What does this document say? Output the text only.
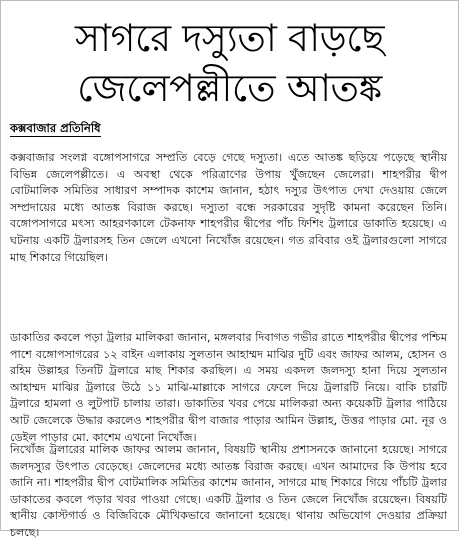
সাগরে দস্যুতা বাড়ছে
জেলেপল্লীতে আতঙ্ক
কক্সবাজার প্রতিনিধি

কক্সবাজার সংলগ্ন বঙ্গোপসাগরে সম্প্রতি বেড়ে গেছে দস্যুতা। এতে আতঙ্ক ছড়িয়ে পড়েছে স্থানীয় বিভিন্ন জেলেপল্লীতে। এ অবস্থা থেকে পরিত্রাণের উপায় খুঁজছেন জেলেরা। শাহপরীর দ্বীপ বোটমালিক সমিতির সাধারণ সম্পাদক কাশেম জানান, হঠাৎ দস্যুর উৎপাত দেখা দেওয়ায় জেলে সম্প্রদায়ের মধ্যে আতঙ্ক বিরাজ করছে। দস্যুতা বন্ধে সরকারের সুদৃষ্টি কামনা করেছেন তিনি। বঙ্গোপসাগরে মৎস্য আহরণকালে টেকনাফ শাহপরীর দ্বীপের পাঁচ ফিশিং ট্রলারে ডাকাতি হয়েছে। এ ঘটনায় একটি ট্রলারসহ তিন জেলে এখনো নিখোঁজ রয়েছেন। গত রবিবার ওই ট্রলারগুলো সাগরে মাছ শিকারে গিয়েছিল।

ডাকাতির কবলে পড়া ট্রলার মালিকরা জানান, মঙ্গলবার দিবাগত গভীর রাতে শাহপরীর দ্বীপের পশ্চিম পাশে বঙ্গোপসাগরের ১২ বাইন এলাকায় সুলতান আহাম্মদ মাঝির দুটি এবং জাফর আলম, হোসন ও রহিম উল্লাহর তিনটি ট্রলারে মাছ শিকার করছিল। এ সময় একদল জলদস্যু হানা দিয়ে সুলতান আহাম্মদ মাঝির ট্রলারে উঠে ১১ মাঝি-মাল্লাকে সাগরে ফেলে দিয়ে ট্রলারটি নিয়ে। বাকি চারটি ট্রলারে হামলা ও লুটপাট চালায় তারা। ডাকাতির খবর পেয়ে মালিকরা অন্য কয়েকটি ট্রলার পাঠিয়ে আট জেলেকে উদ্ধার করলেও শাহপরীর দ্বীপ বাজার পাড়ার আমিন উল্লাহ, উত্তর পাড়ার মো. নূর ও ডেইল পাড়ার মো. কাশেম এখনো নিখোঁজ।

নিখোঁজ ট্রলারের মালিক জাফর আলম জানান, বিষয়টি স্থানীয় প্রশাসনকে জানানো হয়েছে। সাগরে জলদস্যুর উৎপাত বেড়েছে। জেলেদের মধ্যে আতঙ্ক বিরাজ করছে। এখন আমাদের কি উপায় হবে জানি না। শাহপরীর দ্বীপ বোটমালিক সমিতির কাশেম জানান, সাগরে মাছ শিকারে গিয়ে পাঁচটি ট্রলার ডাকাতের কবলে পড়ার খবর পাওয়া গেছে। একটি ট্রলার ও তিন জেলে নিখোঁজ রয়েছেন। বিষয়টি স্থানীয় কোস্টগার্ড ও বিজিবিকে মৌখিকভাবে জানানো হয়েছে। থানায় অভিযোগ দেওয়ার প্রক্রিয়া চলছে।
